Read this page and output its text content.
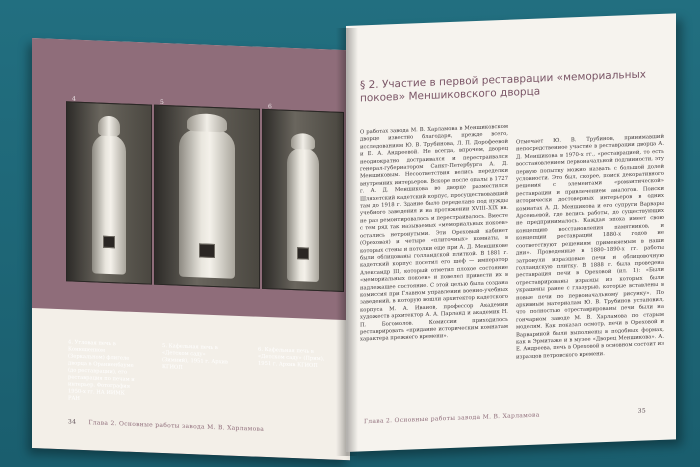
4	5
6
4. Угловая печь в Конюшенном (Зеркальном) флигеле дворца в Ораниенбауме (до реставрации), его реставрация по печам и интерьер. Фотография 1950-х гг. НА ИИМК РАН
5. Кафельная печь в «Детском саду» (Зимний), 1951 г. Архив КГИОП
6. Кафельная печь в «Детском саду» (Прим), 1951 г. Архив КГИОП
34 Глава 2. Основные работы завода М. В. Харламова
§ 2. Участие в первой реставрации «мемориальных покоев» Меншиковского дворца
О работах завода М. В. Харламова в Меншиковском дворце известно благодаря, прежде всего, исследованиям Ю. В. Трубинова, Л. П. Дорофеевой и Е. А. Андреевой. Не всегда, впрочем, дворец неоднократно достраивался и перестраивался генерал-губернатором Санкт-Петербурга А. Д. Меншиковым. Несоответствия велись переделки внутренних интерьеров. Вскоре после опалы в 1727 г. А. Д. Меншикова во дворце разместился Шляхетский кадетский корпус, просуществовавший там до 1918 г. Здание было переделано под нужды учебного заведения и на протяжении XVIII–XIX вв. не раз ремонтировалось и перестраивалось. Вместе с тем ряд так называемых «мемориальных покоев» остались нетронутыми. Эти Ореховый кабинет (Ореховая) и четыре «плиточных» комнаты, в которых стены и потолки еще при А. Д. Меншикове были облицованы голландской плиткой. В 1881 г. кадетский корпус посетил его шеф — император Александр III, который отметил плохое состояние «мемориальных покоев» и повелел привести их в надлежащее состояние. С этой целью была создана комиссия при Главном управлении военно-учебных заведений, в которую вошли архитектор кадетского корпуса М. А. Иванов, профессор Академии художеств архитектор А. А. Парланд и академик Н. П. Богомолов. Комиссии приходилось реставрировать «придание историческим комнатам характера прежнего времени».
Отмечает Ю. В. Трубинов, принимавший непосредственное участие в реставрации дворца А. Д. Меншикова в 1970-х гг., «реставрацией, то есть восстановлением первоначальной подлинности, эту первую попытку можно назвать с большой долей условности. Это был, скорее, поиск декоративного решения с элементами «романтической» реставрации и привлечением аналогов. Поиски исторически достоверных интерьеров в одних комнатах А. Д. Меншикова и его супруги Варвары Арсеньевой, где велись работы, до существующих не предпринималось. Каждая эпоха имеет свою концепцию восстановления памятников, и концепции реставрации 1880-х годов не соответствуют решениям применяемым в наши дни». Проведенные в 1880–1890-х гг. работы затронули изразцовые печи и облицовочную голландскую плитку. В 1888 г. была проведена реставрация печи в Ореховой (ил. 1): «Были отреставрированы изразцы из которых были украшены ранее с глазурью, которые вставлены в новые печи по первоначальному рисунку». По архивным материалам Ю. В. Трубинов установил, что полностью отреставрированы печи были на гончарном заводе М. В. Харламова по старым моделям. Как показал осмотр, печи в Ореховой и Варвариной были выполнены в подобных формах, как в Эрмитаже и в музее «Дворец Меншикова». А. Е. Андреева, печь в Ореховой в основном состоит из изразцов петровского времени.
Глава 2. Основные работы завода М. В. Харламова
35
